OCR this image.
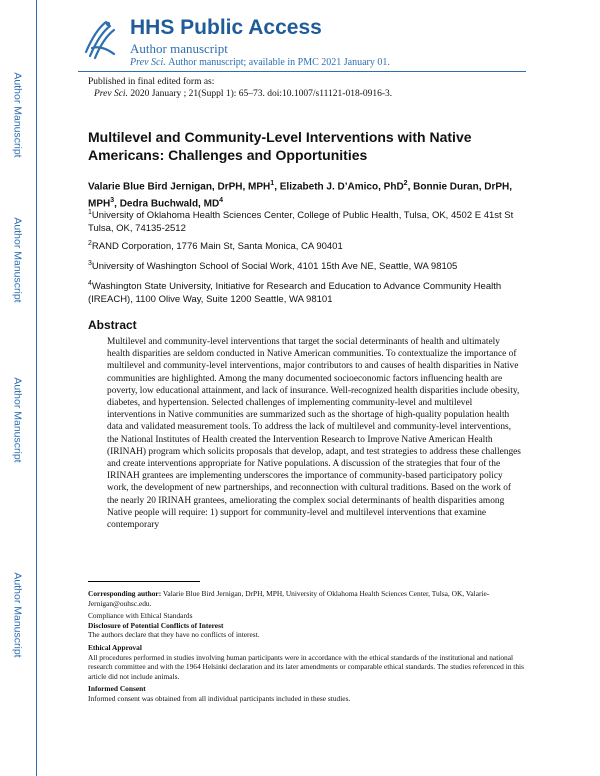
Author Manuscript
Author Manuscript
Author Manuscript
Author Manuscript
HHS Public Access
Author manuscript
Prev Sci. Author manuscript; available in PMC 2021 January 01.
Published in final edited form as:
Prev Sci. 2020 January ; 21(Suppl 1): 65–73. doi:10.1007/s11121-018-0916-3.
Multilevel and Community-Level Interventions with Native Americans: Challenges and Opportunities
Valarie Blue Bird Jernigan, DrPH, MPH$^1$, Elizabeth J. D’Amico, PhD$^2$, Bonnie Duran, DrPH, MPH$^3$, Dedra Buchwald, $MD^4$
$^1$University of Oklahoma Health Sciences Center, College of Public Health, Tulsa, OK, 4502 E 41st St Tulsa, OK, 74135-2512
$^2$RAND Corporation, 1776 Main St, Santa Monica, CA 90401
$^3$University of Washington School of Social Work, 4101 15th Ave NE, Seattle, WA 98105
$^4$Washington State University, Initiative for Research and Education to Advance Community Health (IREACH), 1100 Olive Way, Suite 1200 Seattle, WA 98101
Abstract
Multilevel and community-level interventions that target the social determinants of health and ultimately health disparities are seldom conducted in Native American communities. To contextualize the importance of multilevel and community-level interventions, major contributors to and causes of health disparities in Native communities are highlighted. Among the many documented socioeconomic factors influencing health are poverty, low educational attainment, and lack of insurance. Well-recognized health disparities include obesity, diabetes, and hypertension. Selected challenges of implementing community-level and multilevel interventions in Native communities are summarized such as the shortage of high-quality population health data and validated measurement tools. To address the lack of multilevel and community-level interventions, the National Institutes of Health created the Intervention Research to Improve Native American Health (IRINAH) program which solicits proposals that develop, adapt, and test strategies to address these challenges and create interventions appropriate for Native populations. A discussion of the strategies that four of the IRINAH grantees are implementing underscores the importance of community-based participatory policy work, the development of new partnerships, and reconnection with cultural traditions. Based on the work of the nearly 20 IRINAH grantees, ameliorating the complex social determinants of health disparities among Native people will require: 1) support for community-level and multilevel interventions that examine contemporary

Corresponding author: Valarie Blue Bird Jernigan, DrPH, MPH, University of Oklahoma Health Sciences Center, Tulsa, OK, Valarie-Jernigan@ouhsc.edu.

Compliance with Ethical Standards

Disclosure of Potential Conflicts of Interest

The authors declare that they have no conflicts of interest.

Ethical Approval

All procedures performed in studies involving human participants were in accordance with the ethical standards of the institutional and national research committee and with the 1964 Helsinki declaration and its later amendments or comparable ethical standards. The studies referenced in this article did not include animals.

Informed Consent

Informed consent was obtained from all individual participants included in these studies.
